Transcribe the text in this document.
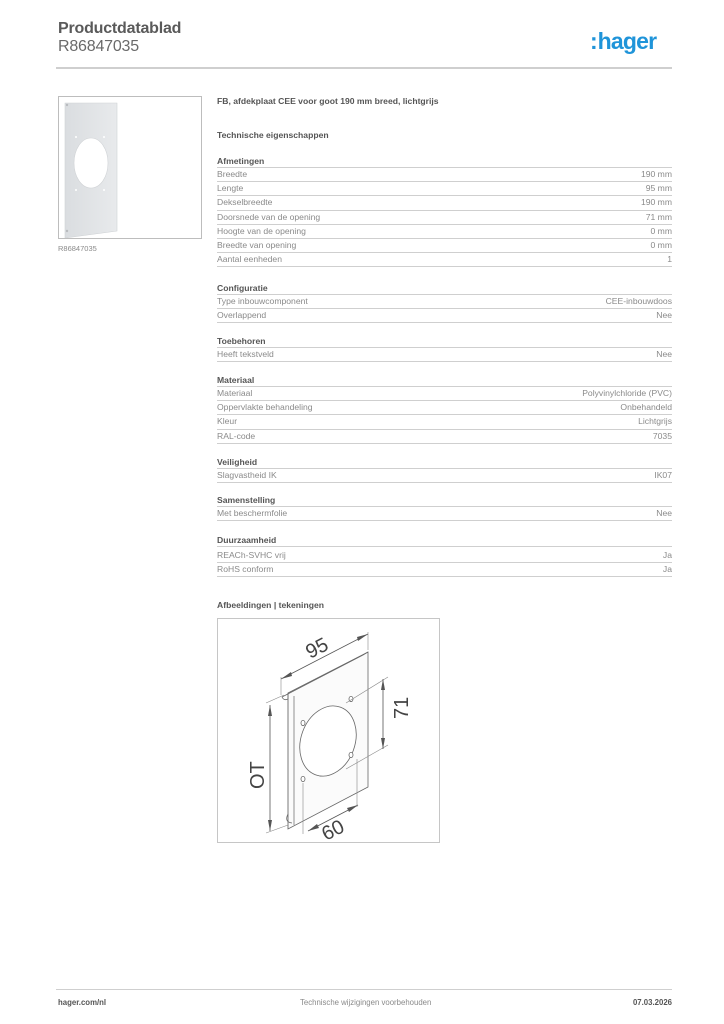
Productdatablad
R86847035	:hager
R86847035
FB, afdekplaat CEE voor goot 190 mm breed, lichtgrijs
Technische eigenschappen
Afmetingen
Breedte	190 mm
Lengte	95 mm
Dekselbreedte	190 mm
Doorsnede van de opening	71 mm
Hoogte van de opening	0 mm
Breedte van opening	0 mm
Aantal eenheden	1
Configuratie
Type inbouwcomponent	CEE-inbouwdoos
Overlappend	Nee
Toebehoren
Heeft tekstveld	Nee
Materiaal
Materiaal	Polyvinylchloride (PVC)
Oppervlakte behandeling	Onbehandeld
Kleur	Lichtgrijs
RAL-code	7035
Veiligheid
Slagvastheid IK	IK07
Samenstelling
Met beschermfolie	Nee
Duurzaamheid
REACh-SVHC vrij	Ja
RoHS conform	Ja
Afbeeldingen | tekeningen
95
OT
71
60
hager.com/nl	Technische wijzigingen voorbehouden	07.03.2026
